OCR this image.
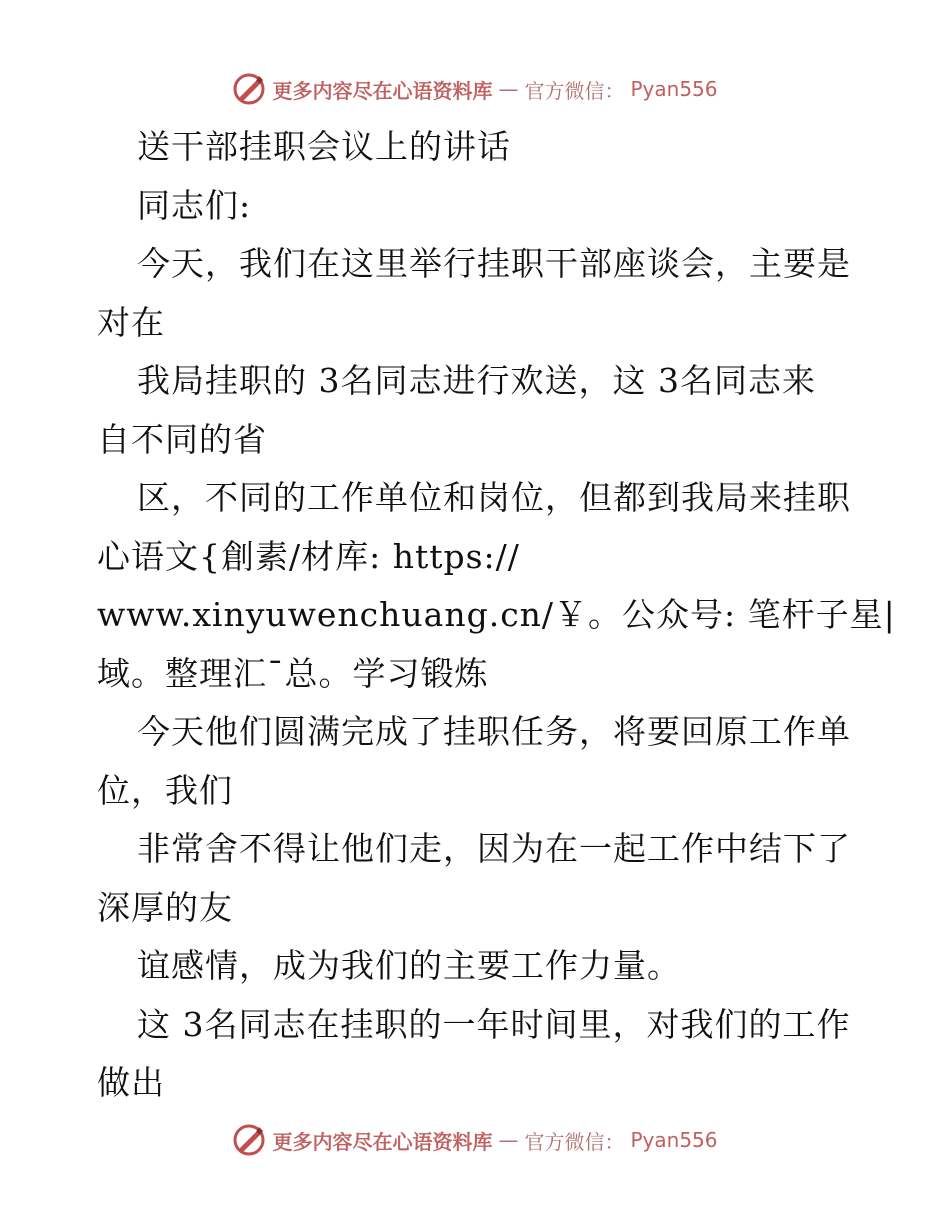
更多内容尽在心语资料库 — 官方微信： Pyan556
送干部挂职会议上的讲话
同志们:
今天，我们在这里举行挂职干部座谈会，主要是
对在
我局挂职的 3名同志进行欢送，这 3名同志来
自不同的省
区，不同的工作单位和岗位，但都到我局来挂职
心语文{創素/材库: https://
www.xinyuwenchuang.cn/￥。公众号: 笔杆子星|
域。整理汇¯总。学习锻炼
今天他们圆满完成了挂职任务，将要回原工作单
位，我们
非常舍不得让他们走，因为在一起工作中结下了
深厚的友
谊感情，成为我们的主要工作力量。
这 3名同志在挂职的一年时间里，对我们的工作
做出
更多内容尽在心语资料库 — 官方微信： Pyan556
